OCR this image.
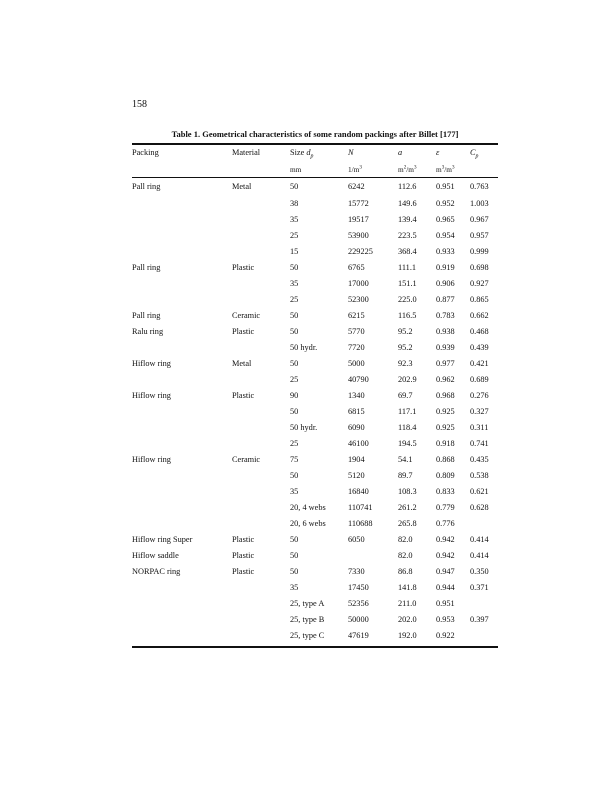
158
Table 1. Geometrical characteristics of some random packings after Billet [177]
Packing	Material	Size $d_p$	N	a	ε	$C_p$
		mm	$1/m^3$	$m^2/m^3$	$m^3/m^3$	
Pall ring	Metal	50	6242	112.6	0.951	0.763
		38	15772	149.6	0.952	1.003
		35	19517	139.4	0.965	0.967
		25	53900	223.5	0.954	0.957
		15	229225	368.4	0.933	0.999
Pall ring	Plastic	50	6765	111.1	0.919	0.698
		35	17000	151.1	0.906	0.927
		25	52300	225.0	0.877	0.865
Pall ring	Ceramic	50	6215	116.5	0.783	0.662
Ralu ring	Plastic	50	5770	95.2	0.938	0.468
		50 hydr.	7720	95.2	0.939	0.439
Hiflow ring	Metal	50	5000	92.3	0.977	0.421
		25	40790	202.9	0.962	0.689
Hiflow ring	Plastic	90	1340	69.7	0.968	0.276
		50	6815	117.1	0.925	0.327
		50 hydr.	6090	118.4	0.925	0.311
		25	46100	194.5	0.918	0.741
Hiflow ring	Ceramic	75	1904	54.1	0.868	0.435
		50	5120	89.7	0.809	0.538
		35	16840	108.3	0.833	0.621
		20, 4 webs	110741	261.2	0.779	0.628
		20, 6 webs	110688	265.8	0.776	
Hiflow ring Super	Plastic	50	6050	82.0	0.942	0.414
Hiflow saddle	Plastic	50		82.0	0.942	0.414
NORPAC ring	Plastic	50	7330	86.8	0.947	0.350
		35	17450	141.8	0.944	0.371
		25, type A	52356	211.0	0.951	
		25, type B	50000	202.0	0.953	0.397
		25, type C	47619	192.0	0.922	
